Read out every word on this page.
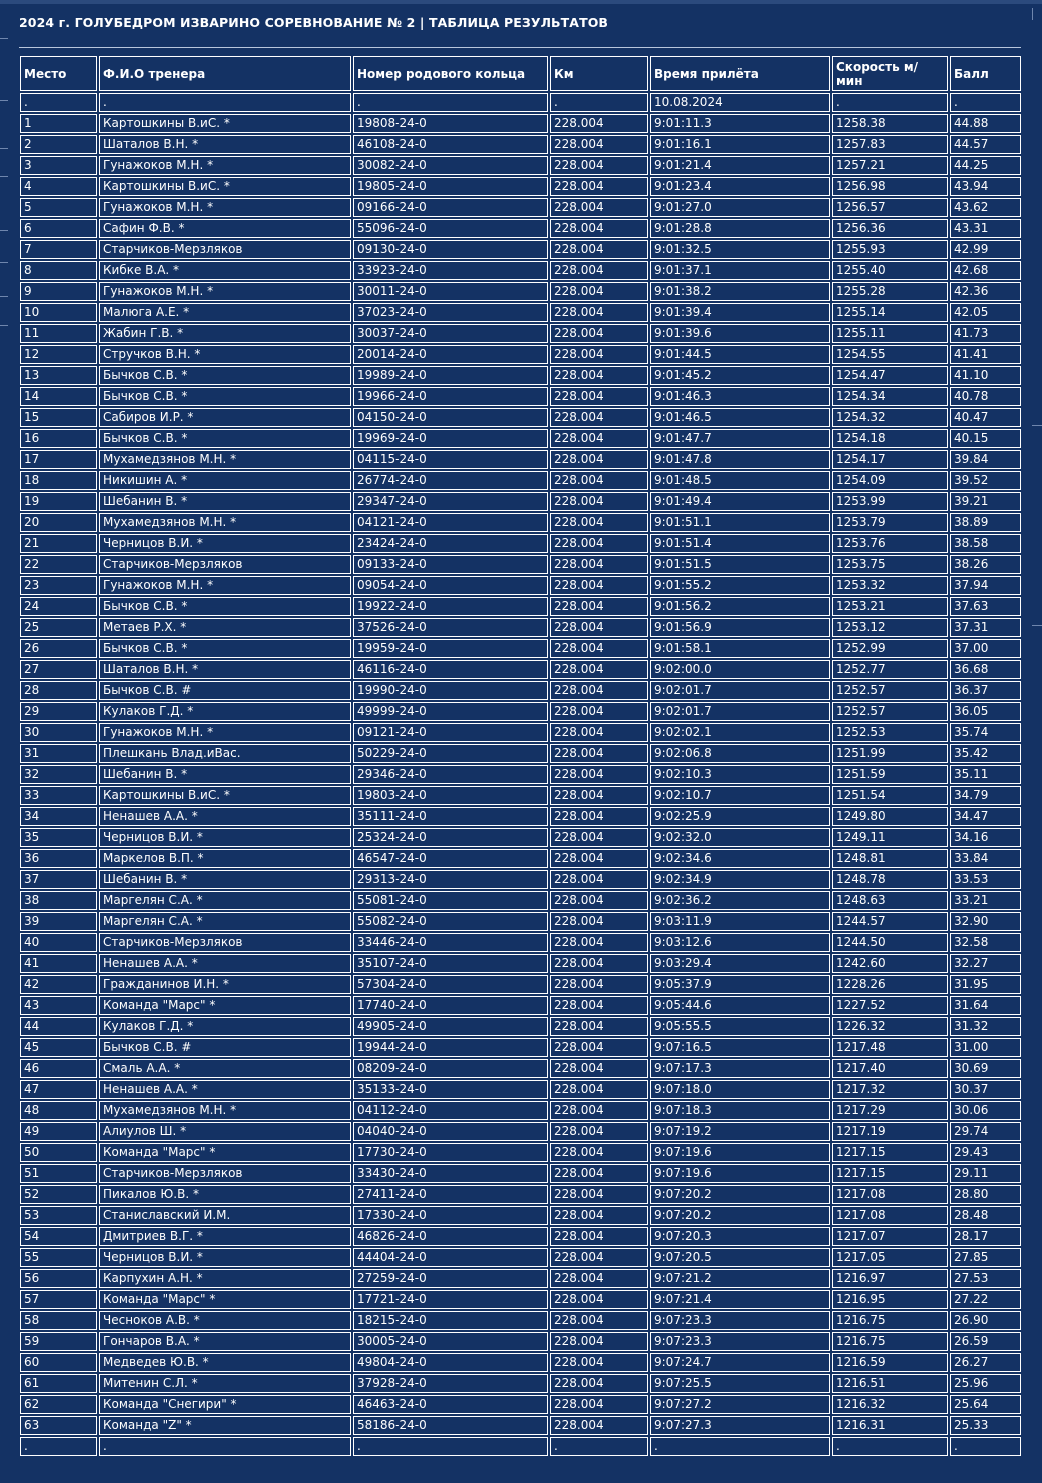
2024 г. ГОЛУБЕДРОМ ИЗВАРИНО СОРЕВНОВАНИЕ № 2 | ТАБЛИЦА РЕЗУЛЬТАТОВ
Место	Ф.И.О тренера	Номер родового кольца	Км	Время прилёта	Скорость м/мин	Балл
.	.	.	.	10.08.2024	.	.
1	Картошкины В.иС. *	19808-24-0	228.004	9:01:11.3	1258.38	44.88
2	Шаталов В.Н. *	46108-24-0	228.004	9:01:16.1	1257.83	44.57
3	Гунажоков М.Н. *	30082-24-0	228.004	9:01:21.4	1257.21	44.25
4	Картошкины В.иС. *	19805-24-0	228.004	9:01:23.4	1256.98	43.94
5	Гунажоков М.Н. *	09166-24-0	228.004	9:01:27.0	1256.57	43.62
6	Сафин Ф.В. *	55096-24-0	228.004	9:01:28.8	1256.36	43.31
7	Старчиков-Мерзляков	09130-24-0	228.004	9:01:32.5	1255.93	42.99
8	Кибке В.А. *	33923-24-0	228.004	9:01:37.1	1255.40	42.68
9	Гунажоков М.Н. *	30011-24-0	228.004	9:01:38.2	1255.28	42.36
10	Малюга А.Е. *	37023-24-0	228.004	9:01:39.4	1255.14	42.05
11	Жабин Г.В. *	30037-24-0	228.004	9:01:39.6	1255.11	41.73
12	Стручков В.Н. *	20014-24-0	228.004	9:01:44.5	1254.55	41.41
13	Бычков С.В. *	19989-24-0	228.004	9:01:45.2	1254.47	41.10
14	Бычков С.В. *	19966-24-0	228.004	9:01:46.3	1254.34	40.78
15	Сабиров И.Р. *	04150-24-0	228.004	9:01:46.5	1254.32	40.47
16	Бычков С.В. *	19969-24-0	228.004	9:01:47.7	1254.18	40.15
17	Мухамедзянов М.Н. *	04115-24-0	228.004	9:01:47.8	1254.17	39.84
18	Никишин А. *	26774-24-0	228.004	9:01:48.5	1254.09	39.52
19	Шебанин В. *	29347-24-0	228.004	9:01:49.4	1253.99	39.21
20	Мухамедзянов М.Н. *	04121-24-0	228.004	9:01:51.1	1253.79	38.89
21	Черницов В.И. *	23424-24-0	228.004	9:01:51.4	1253.76	38.58
22	Старчиков-Мерзляков	09133-24-0	228.004	9:01:51.5	1253.75	38.26
23	Гунажоков М.Н. *	09054-24-0	228.004	9:01:55.2	1253.32	37.94
24	Бычков С.В. *	19922-24-0	228.004	9:01:56.2	1253.21	37.63
25	Метаев Р.Х. *	37526-24-0	228.004	9:01:56.9	1253.12	37.31
26	Бычков С.В. *	19959-24-0	228.004	9:01:58.1	1252.99	37.00
27	Шаталов В.Н. *	46116-24-0	228.004	9:02:00.0	1252.77	36.68
28	Бычков С.В. #	19990-24-0	228.004	9:02:01.7	1252.57	36.37
29	Кулаков Г.Д. *	49999-24-0	228.004	9:02:01.7	1252.57	36.05
30	Гунажоков М.Н. *	09121-24-0	228.004	9:02:02.1	1252.53	35.74
31	Плешкань Влад.иВас.	50229-24-0	228.004	9:02:06.8	1251.99	35.42
32	Шебанин В. *	29346-24-0	228.004	9:02:10.3	1251.59	35.11
33	Картошкины В.иС. *	19803-24-0	228.004	9:02:10.7	1251.54	34.79
34	Ненашев А.А. *	35111-24-0	228.004	9:02:25.9	1249.80	34.47
35	Черницов В.И. *	25324-24-0	228.004	9:02:32.0	1249.11	34.16
36	Маркелов В.П. *	46547-24-0	228.004	9:02:34.6	1248.81	33.84
37	Шебанин В. *	29313-24-0	228.004	9:02:34.9	1248.78	33.53
38	Маргелян С.А. *	55081-24-0	228.004	9:02:36.2	1248.63	33.21
39	Маргелян С.А. *	55082-24-0	228.004	9:03:11.9	1244.57	32.90
40	Старчиков-Мерзляков	33446-24-0	228.004	9:03:12.6	1244.50	32.58
41	Ненашев А.А. *	35107-24-0	228.004	9:03:29.4	1242.60	32.27
42	Гражданинов И.Н. *	57304-24-0	228.004	9:05:37.9	1228.26	31.95
43	Команда "Марс" *	17740-24-0	228.004	9:05:44.6	1227.52	31.64
44	Кулаков Г.Д. *	49905-24-0	228.004	9:05:55.5	1226.32	31.32
45	Бычков С.В. #	19944-24-0	228.004	9:07:16.5	1217.48	31.00
46	Смаль А.А. *	08209-24-0	228.004	9:07:17.3	1217.40	30.69
47	Ненашев А.А. *	35133-24-0	228.004	9:07:18.0	1217.32	30.37
48	Мухамедзянов М.Н. *	04112-24-0	228.004	9:07:18.3	1217.29	30.06
49	Алиулов Ш. *	04040-24-0	228.004	9:07:19.2	1217.19	29.74
50	Команда "Марс" *	17730-24-0	228.004	9:07:19.6	1217.15	29.43
51	Старчиков-Мерзляков	33430-24-0	228.004	9:07:19.6	1217.15	29.11
52	Пикалов Ю.В. *	27411-24-0	228.004	9:07:20.2	1217.08	28.80
53	Станиславский И.М.	17330-24-0	228.004	9:07:20.2	1217.08	28.48
54	Дмитриев В.Г. *	46826-24-0	228.004	9:07:20.3	1217.07	28.17
55	Черницов В.И. *	44404-24-0	228.004	9:07:20.5	1217.05	27.85
56	Карпухин А.Н. *	27259-24-0	228.004	9:07:21.2	1216.97	27.53
57	Команда "Марс" *	17721-24-0	228.004	9:07:21.4	1216.95	27.22
58	Чесноков А.В. *	18215-24-0	228.004	9:07:23.3	1216.75	26.90
59	Гончаров В.А. *	30005-24-0	228.004	9:07:23.3	1216.75	26.59
60	Медведев Ю.В. *	49804-24-0	228.004	9:07:24.7	1216.59	26.27
61	Митенин С.Л. *	37928-24-0	228.004	9:07:25.5	1216.51	25.96
62	Команда "Снегири" *	46463-24-0	228.004	9:07:27.2	1216.32	25.64
63	Команда "Z" *	58186-24-0	228.004	9:07:27.3	1216.31	25.33
.	.	.	.	.	.	.
